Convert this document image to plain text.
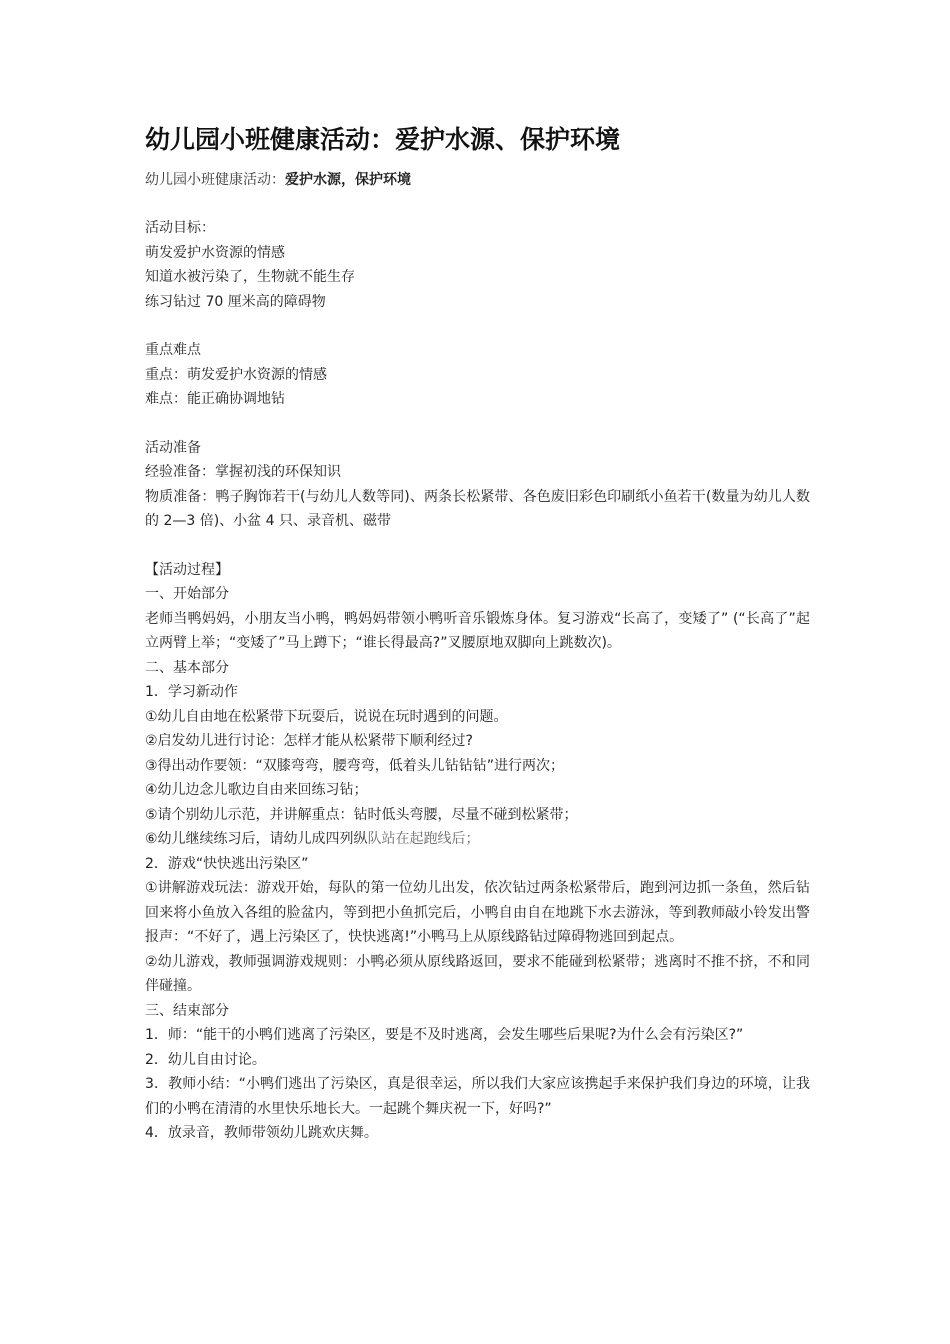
幼儿园小班健康活动：爱护水源、保护环境
幼儿园小班健康活动：爱护水源，保护环境
活动目标：
萌发爱护水资源的情感
知道水被污染了，生物就不能生存
练习钻过 70 厘米高的障碍物
重点难点
重点：萌发爱护水资源的情感
难点：能正确协调地钻
活动准备
经验准备：掌握初浅的环保知识
物质准备：鸭子胸饰若干(与幼儿人数等同)、两条长松紧带、各色废旧彩色印刷纸小鱼若干(数量为幼儿人数的 2—3 倍)、小盆 4 只、录音机、磁带
【活动过程】
一、开始部分
老师当鸭妈妈，小朋友当小鸭，鸭妈妈带领小鸭听音乐锻炼身体。复习游戏“长高了，变矮了” (“长高了”起立两臂上举；“变矮了”马上蹲下；“谁长得最高?”叉腰原地双脚向上跳数次)。
二、基本部分
1．学习新动作
①幼儿自由地在松紧带下玩耍后，说说在玩时遇到的问题。
②启发幼儿进行讨论：怎样才能从松紧带下顺利经过?
③得出动作要领：“双膝弯弯，腰弯弯，低着头儿钻钻钻”进行两次；
④幼儿边念儿歌边自由来回练习钻；
⑤请个别幼儿示范，并讲解重点：钻时低头弯腰，尽量不碰到松紧带；
⑥幼儿继续练习后，请幼儿成四列纵队站在起跑线后；
2．游戏“快快逃出污染区”
①讲解游戏玩法：游戏开始，每队的第一位幼儿出发，依次钻过两条松紧带后，跑到河边抓一条鱼，然后钻回来将小鱼放入各组的脸盆内，等到把小鱼抓完后，小鸭自由自在地跳下水去游泳，等到教师敲小铃发出警报声：“不好了，遇上污染区了，快快逃离!”小鸭马上从原线路钻过障碍物逃回到起点。
②幼儿游戏，教师强调游戏规则：小鸭必须从原线路返回，要求不能碰到松紧带；逃离时不推不挤，不和同伴碰撞。
三、结束部分
1．师：“能干的小鸭们逃离了污染区，要是不及时逃离，会发生哪些后果呢?为什么会有污染区?”
2．幼儿自由讨论。
3．教师小结：“小鸭们逃出了污染区，真是很幸运，所以我们大家应该携起手来保护我们身边的环境，让我们的小鸭在清清的水里快乐地长大。一起跳个舞庆祝一下，好吗?”
4．放录音，教师带领幼儿跳欢庆舞。
